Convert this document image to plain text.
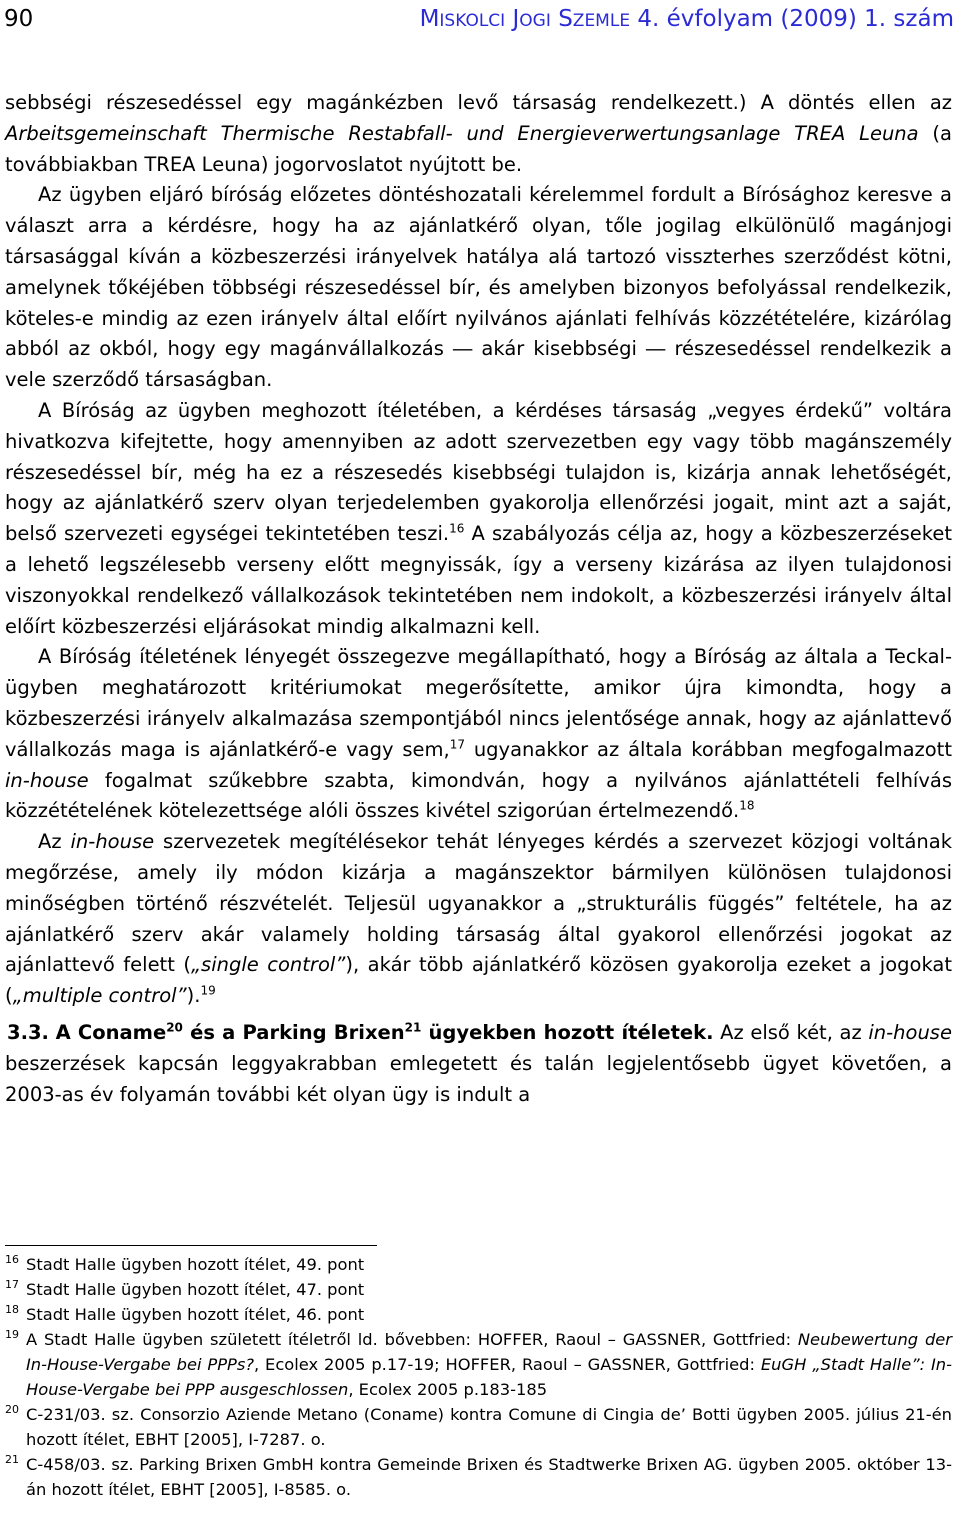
90	MISKOLCI JOGI SZEMLE 4. évfolyam (2009) 1. szám

sebbségi részesedéssel egy magánkézben levő társaság rendelkezett.) A döntés ellen az Arbeitsgemeinschaft Thermische Restabfall- und Energieverwertungsanlage TREA Leuna (a továbbiakban TREA Leuna) jogorvoslatot nyújtott be.

Az ügyben eljáró bíróság előzetes döntéshozatali kérelemmel fordult a Bírósághoz keresve a választ arra a kérdésre, hogy ha az ajánlatkérő olyan, tőle jogilag elkülönülő magánjogi társasággal kíván a közbeszerzési irányelvek hatálya alá tartozó visszterhes szerződést kötni, amelynek tőkéjében többségi részesedéssel bír, és amelyben bizonyos befolyással rendelkezik, köteles-e mindig az ezen irányelv által előírt nyilvános ajánlati felhívás közzétételére, kizárólag abból az okból, hogy egy magánvállalkozás ― akár kisebbségi ― részesedéssel rendelkezik a vele szerződő társaságban.

A Bíróság az ügyben meghozott ítéletében, a kérdéses társaság „vegyes érdekű” voltára hivatkozva kifejtette, hogy amennyiben az adott szervezetben egy vagy több magánszemély részesedéssel bír, még ha ez a részesedés kisebbségi tulajdon is, kizárja annak lehetőségét, hogy az ajánlatkérő szerv olyan terjedelemben gyakorolja ellenőrzési jogait, mint azt a saját, belső szervezeti egységei tekintetében teszi.$^{16}$ A szabályozás célja az, hogy a közbeszerzéseket a lehető legszélesebb verseny előtt megnyissák, így a verseny kizárása az ilyen tulajdonosi viszonyokkal rendelkező vállalkozások tekintetében nem indokolt, a közbeszerzési irányelv által előírt közbeszerzési eljárásokat mindig alkalmazni kell.

A Bíróság ítéletének lényegét összegezve megállapítható, hogy a Bíróság az általa a Teckal-ügyben meghatározott kritériumokat megerősítette, amikor újra kimondta, hogy a közbeszerzési irányelv alkalmazása szempontjából nincs jelentősége annak, hogy az ajánlattevő vállalkozás maga is ajánlatkérő-e vagy sem,$^{17}$ ugyanakkor az általa korábban megfogalmazott in-house fogalmat szűkebbre szabta, kimondván, hogy a nyilvános ajánlattételi felhívás közzétételének kötelezettsége alóli összes kivétel szigorúan értelmezendő.$^{18}$

Az in-house szervezetek megítélésekor tehát lényeges kérdés a szervezet közjogi voltának megőrzése, amely ily módon kizárja a magánszektor bármilyen különösen tulajdonosi minőségben történő részvételét. Teljesül ugyanakkor a „strukturális függés” feltétele, ha az ajánlatkérő szerv akár valamely holding társaság által gyakorol ellenőrzési jogokat az ajánlattevő felett („single control”), akár több ajánlatkérő közösen gyakorolja ezeket a jogokat („multiple control”).$^{19}$

3.3. A Coname$^{20}$ és a Parking Brixen$^{21}$ ügyekben hozott ítéletek. Az első két, az in-house beszerzések kapcsán leggyakrabban emlegetett és talán legjelentősebb ügyet követően, a 2003-as év folyamán további két olyan ügy is indult a

16 Stadt Halle ügyben hozott ítélet, 49. pont
17 Stadt Halle ügyben hozott ítélet, 47. pont
18 Stadt Halle ügyben hozott ítélet, 46. pont
19 A Stadt Halle ügyben született ítéletről ld. bővebben: HOFFER, Raoul – GASSNER, Gottfried: Neubewertung der In-House-Vergabe bei PPPs?, Ecolex 2005 p.17-19; HOFFER, Raoul – GASSNER, Gottfried: EuGH „Stadt Halle”: In-House-Vergabe bei PPP ausgeschlossen, Ecolex 2005 p.183-185
20 C-231/03. sz. Consorzio Aziende Metano (Coname) kontra Comune di Cingia de’ Botti ügyben 2005. július 21-én hozott ítélet, EBHT [2005], I-7287. o.
21 C-458/03. sz. Parking Brixen GmbH kontra Gemeinde Brixen és Stadtwerke Brixen AG. ügyben 2005. október 13-án hozott ítélet, EBHT [2005], I-8585. o.
